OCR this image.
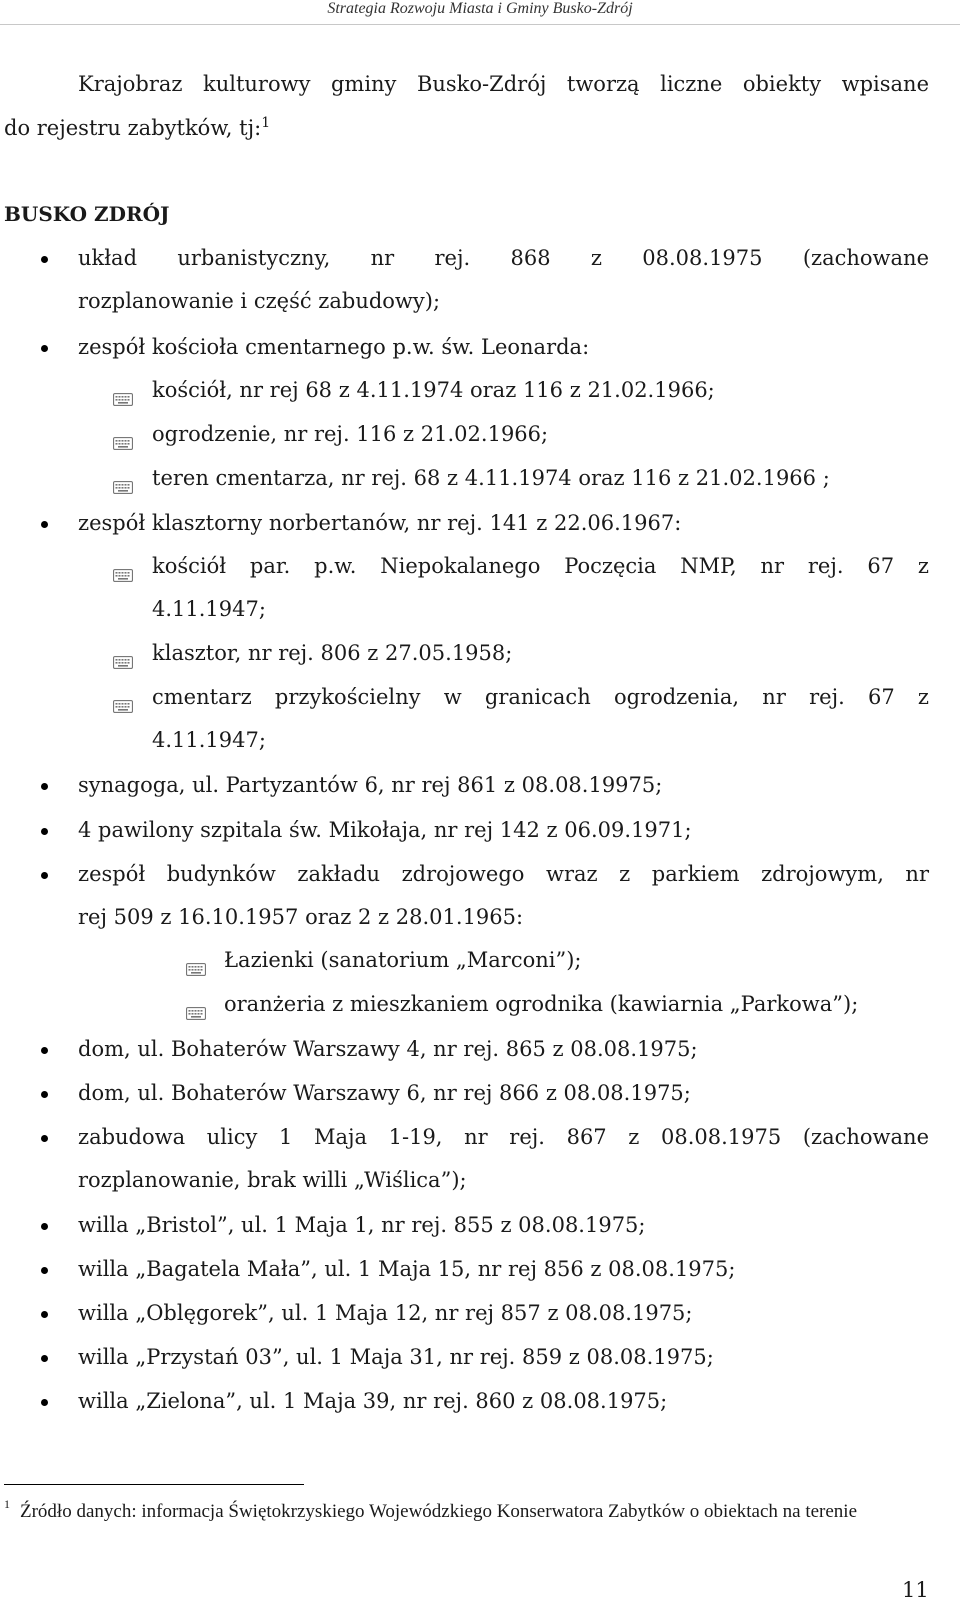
Strategia Rozwoju Miasta i Gminy Busko-Zdrój
Krajobraz kulturowy gminy Busko-Zdrój tworzą liczne obiekty wpisane
do rejestru zabytków, tj:$^1$
BUSKO ZDRÓJ
układ urbanistyczny, nr rej. 868 z 08.08.1975 (zachowane
rozplanowanie i część zabudowy);
zespół kościoła cmentarnego p.w. św. Leonarda:
kościół, nr rej 68 z 4.11.1974 oraz 116 z 21.02.1966;
ogrodzenie, nr rej. 116 z 21.02.1966;
teren cmentarza, nr rej. 68 z 4.11.1974 oraz 116 z 21.02.1966 ;
zespół klasztorny norbertanów, nr rej. 141 z 22.06.1967:
kościół par. p.w. Niepokalanego Poczęcia NMP, nr rej. 67 z
4.11.1947;
klasztor, nr rej. 806 z 27.05.1958;
cmentarz przykościelny w granicach ogrodzenia, nr rej. 67 z
4.11.1947;
synagoga, ul. Partyzantów 6, nr rej 861 z 08.08.19975;
4 pawilony szpitala św. Mikołaja, nr rej 142 z 06.09.1971;
zespół budynków zakładu zdrojowego wraz z parkiem zdrojowym, nr
rej 509 z 16.10.1957 oraz 2 z 28.01.1965:
Łazienki (sanatorium „Marconi”);
oranżeria z mieszkaniem ogrodnika (kawiarnia „Parkowa”);
dom, ul. Bohaterów Warszawy 4, nr rej. 865 z 08.08.1975;
dom, ul. Bohaterów Warszawy 6, nr rej 866 z 08.08.1975;
zabudowa ulicy 1 Maja 1-19, nr rej. 867 z 08.08.1975 (zachowane
rozplanowanie, brak willi „Wiślica”);
willa „Bristol”, ul. 1 Maja 1, nr rej. 855 z 08.08.1975;
willa „Bagatela Mała”, ul. 1 Maja 15, nr rej 856 z 08.08.1975;
willa „Oblęgorek”, ul. 1 Maja 12, nr rej 857 z 08.08.1975;
willa „Przystań 03”, ul. 1 Maja 31, nr rej. 859 z 08.08.1975;
willa „Zielona”, ul. 1 Maja 39, nr rej. 860 z 08.08.1975;
1 Źródło danych: informacja Świętokrzyskiego Wojewódzkiego Konserwatora Zabytków o obiektach na terenie
11
